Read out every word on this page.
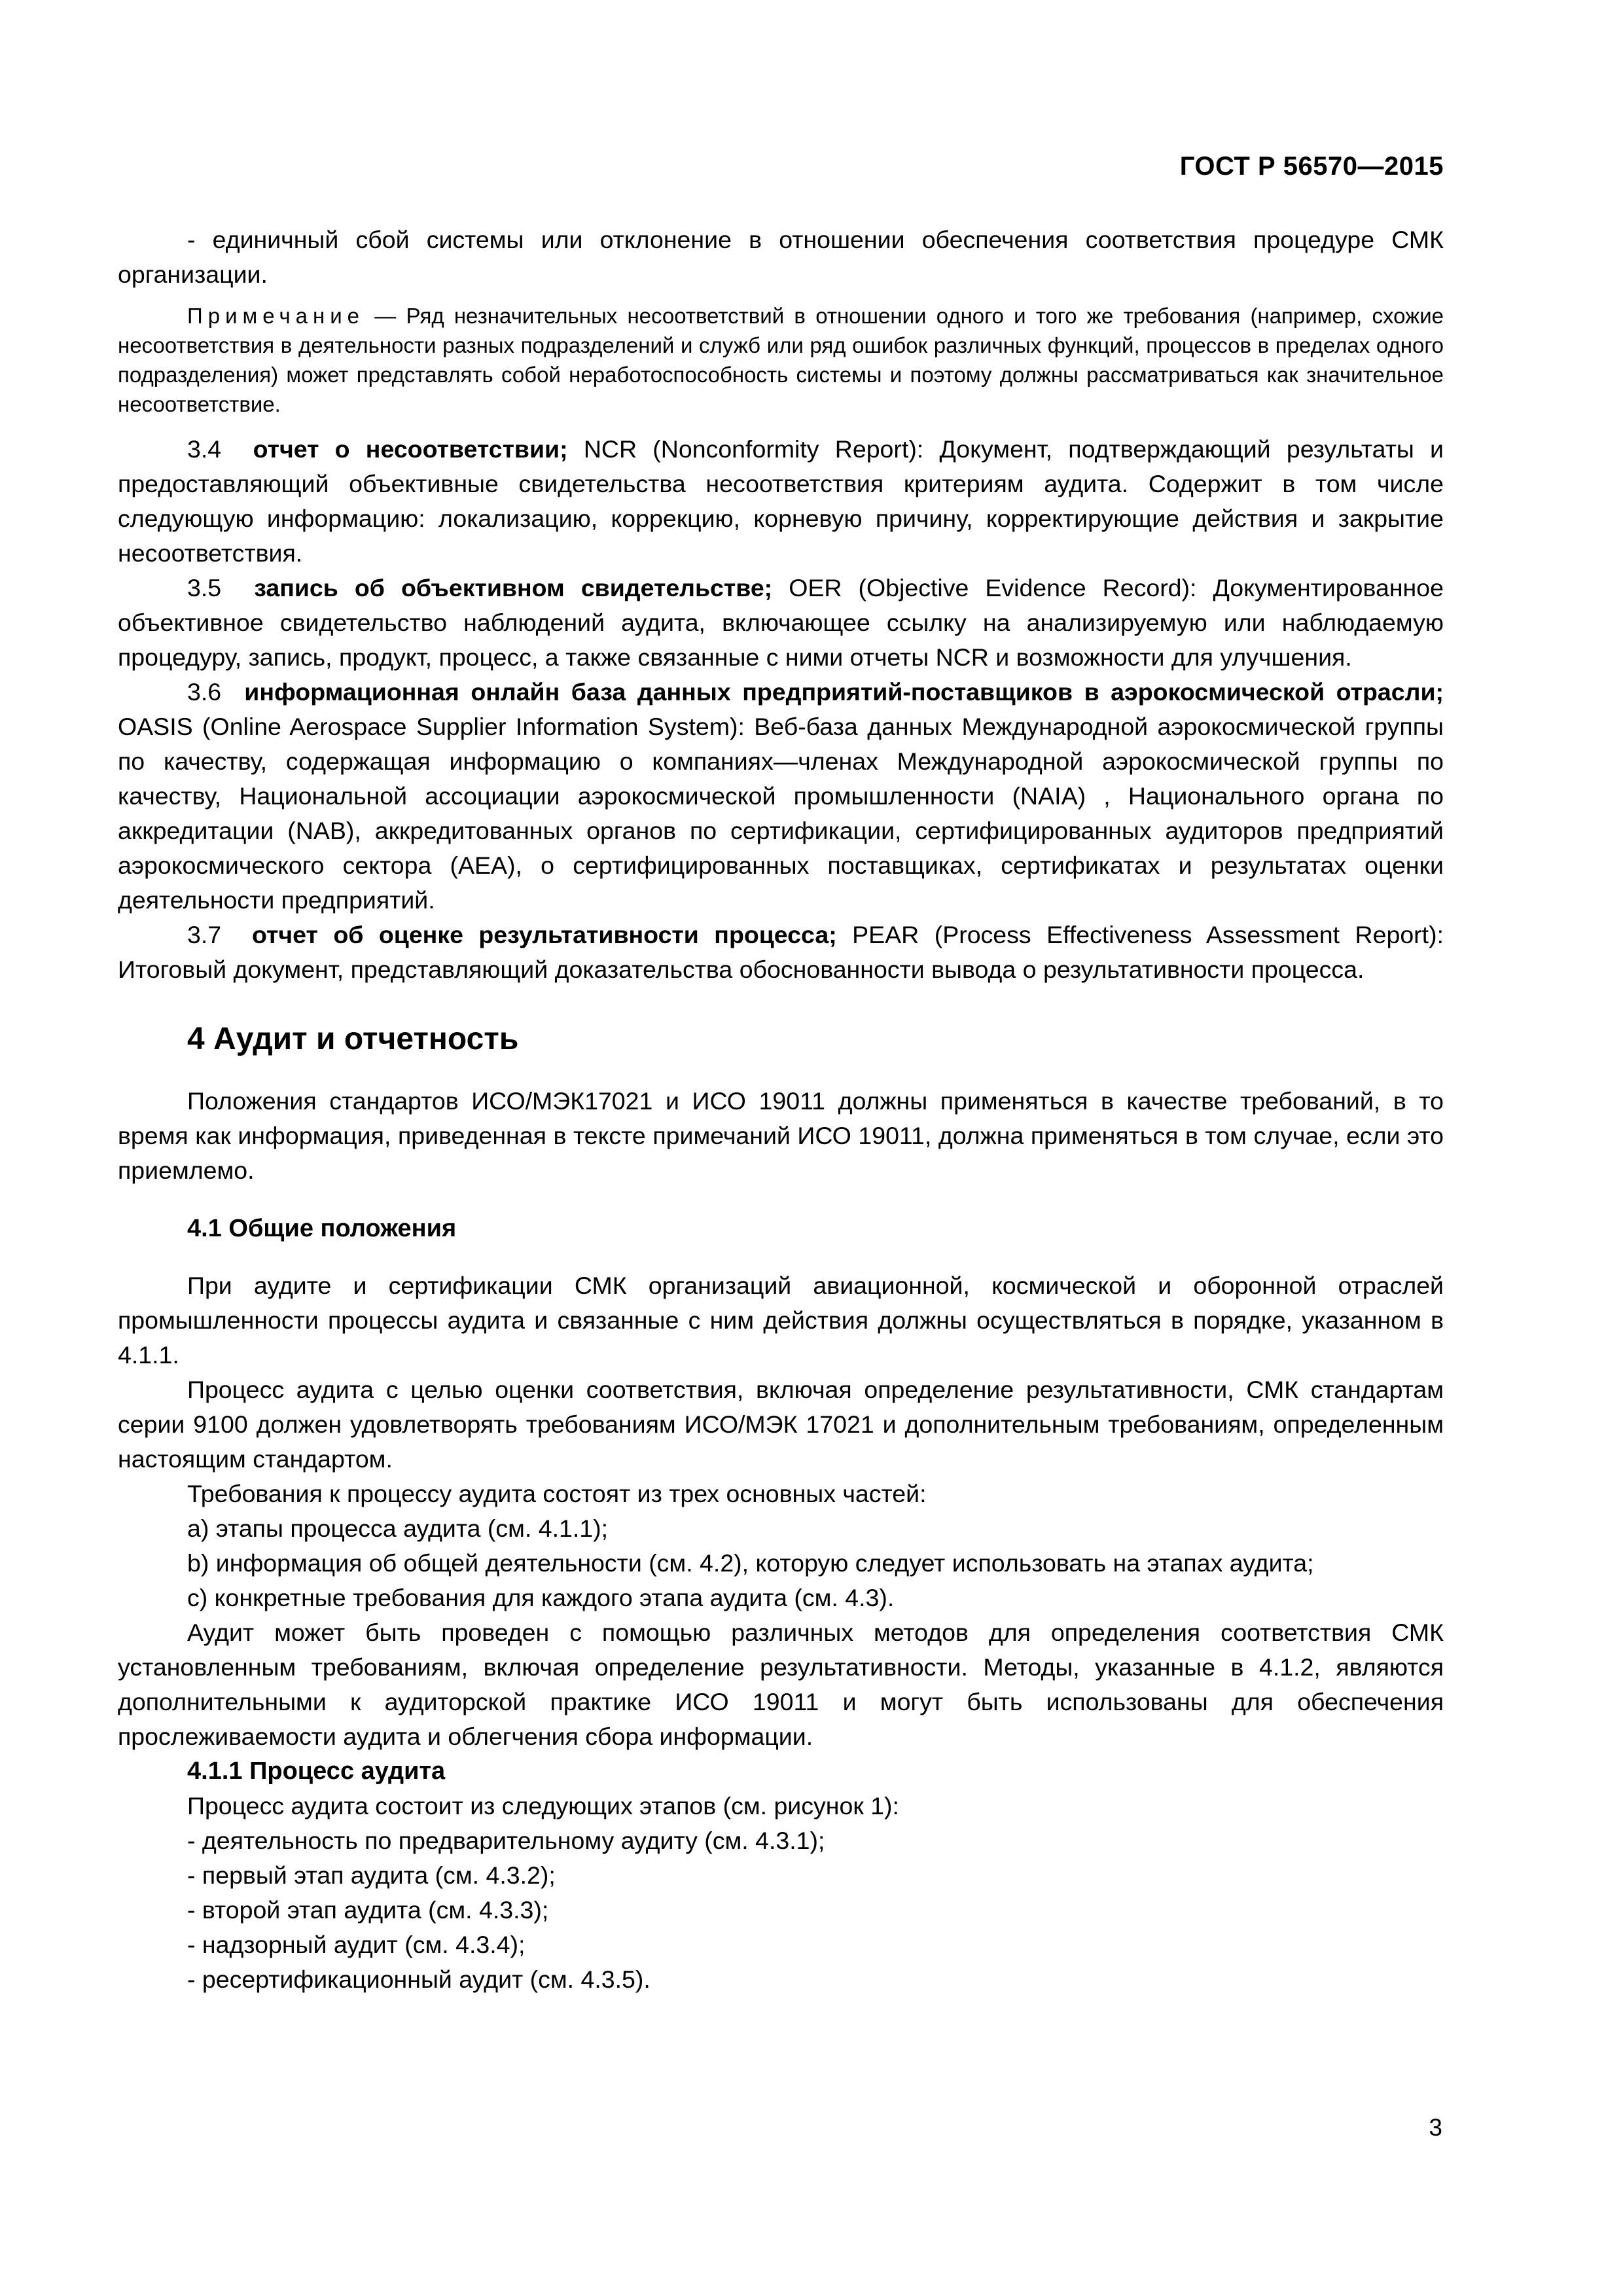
ГОСТ Р 56570—2015

- единичный сбой системы или отклонение в отношении обеспечения соответствия процедуре СМК организации.

Примечание — Ряд незначительных несоответствий в отношении одного и того же требования (например, схожие несоответствия в деятельности разных подразделений и служб или ряд ошибок различных функций, процессов в пределах одного подразделения) может представлять собой неработоспособность системы и поэтому должны рассматриваться как значительное несоответствие.

3.4 отчет о несоответствии; NCR (Nonconformity Report): Документ, подтверждающий результаты и предоставляющий объективные свидетельства несоответствия критериям аудита. Содержит в том числе следующую информацию: локализацию, коррекцию, корневую причину, корректирующие действия и закрытие несоответствия.

3.5 запись об объективном свидетельстве; OER (Objective Evidence Record): Документированное объективное свидетельство наблюдений аудита, включающее ссылку на анализируемую или наблюдаемую процедуру, запись, продукт, процесс, а также связанные с ними отчеты NCR и возможности для улучшения.

3.6 информационная онлайн база данных предприятий-поставщиков в аэрокосмической отрасли; OASIS (Online Aerospace Supplier Information System): Веб-база данных Международной аэрокосмической группы по качеству, содержащая информацию о компаниях—членах Международной аэрокосмической группы по качеству, Национальной ассоциации аэрокосмической промышленности (NAIA) , Национального органа по аккредитации (NAB), аккредитованных органов по сертификации, сертифицированных аудиторов предприятий аэрокосмического сектора (AEA), о сертифицированных поставщиках, сертификатах и результатах оценки деятельности предприятий.

3.7 отчет об оценке результативности процесса; PEAR (Process Effectiveness Assessment Report): Итоговый документ, представляющий доказательства обоснованности вывода о результативности процесса.

4 Аудит и отчетность

Положения стандартов ИСО/МЭК17021 и ИСО 19011 должны применяться в качестве требований, в то время как информация, приведенная в тексте примечаний ИСО 19011, должна применяться в том случае, если это приемлемо.

4.1 Общие положения

При аудите и сертификации СМК организаций авиационной, космической и оборонной отраслей промышленности процессы аудита и связанные с ним действия должны осуществляться в порядке, указанном в 4.1.1.

Процесс аудита с целью оценки соответствия, включая определение результативности, СМК стандартам серии 9100 должен удовлетворять требованиям ИСО/МЭК 17021 и дополнительным требованиям, определенным настоящим стандартом.

Требования к процессу аудита состоят из трех основных частей:

a) этапы процесса аудита (см. 4.1.1);

b) информация об общей деятельности (см. 4.2), которую следует использовать на этапах аудита;

c) конкретные требования для каждого этапа аудита (см. 4.3).

Аудит может быть проведен с помощью различных методов для определения соответствия СМК установленным требованиям, включая определение результативности. Методы, указанные в 4.1.2, являются дополнительными к аудиторской практике ИСО 19011 и могут быть использованы для обеспечения прослеживаемости аудита и облегчения сбора информации.

4.1.1 Процесс аудита

Процесс аудита состоит из следующих этапов (см. рисунок 1):

- деятельность по предварительному аудиту (см. 4.3.1);

- первый этап аудита (см. 4.3.2);

- второй этап аудита (см. 4.3.3);

- надзорный аудит (см. 4.3.4);

- ресертификационный аудит (см. 4.3.5).

3
